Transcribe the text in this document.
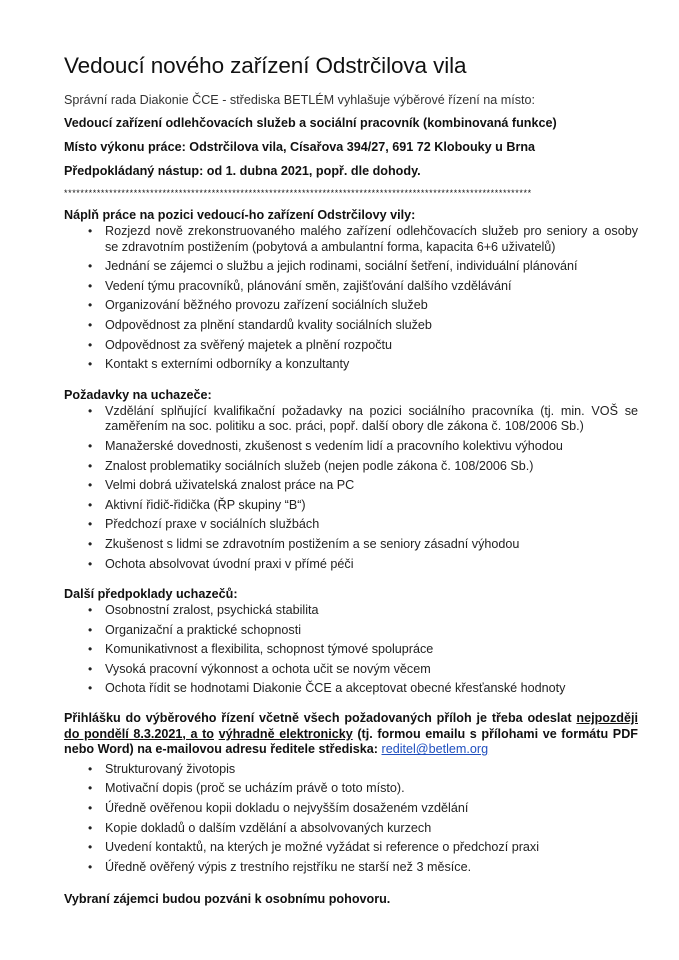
Vedoucí nového zařízení Odstrčilova vila

Správní rada Diakonie ČCE - střediska BETLÉM vyhlašuje výběrové řízení na místo:

Vedoucí zařízení odlehčovacích služeb a sociální pracovník (kombinovaná funkce)

Místo výkonu práce: Odstrčilova vila, Císařova 394/27, 691 72 Klobouky u Brna

Předpokládaný nástup: od 1. dubna 2021, popř. dle dohody.

******************************************************************************************************************
Náplň práce na pozici vedoucí-ho zařízení Odstrčilovy vily:
• Rozjezd nově zrekonstruovaného malého zařízení odlehčovacích služeb pro seniory a osoby se zdravotním postižením (pobytová a ambulantní forma, kapacita 6+6 uživatelů)
• Jednání se zájemci o službu a jejich rodinami, sociální šetření, individuální plánování
• Vedení týmu pracovníků, plánování směn, zajišťování dalšího vzdělávání
• Organizování běžného provozu zařízení sociálních služeb
• Odpovědnost za plnění standardů kvality sociálních služeb
• Odpovědnost za svěřený majetek a plnění rozpočtu
• Kontakt s externími odborníky a konzultanty
Požadavky na uchazeče:
• Vzdělání splňující kvalifikační požadavky na pozici sociálního pracovníka (tj. min. VOŠ se zaměřením na soc. politiku a soc. práci, popř. další obory dle zákona č. 108/2006 Sb.)
• Manažerské dovednosti, zkušenost s vedením lidí a pracovního kolektivu výhodou
• Znalost problematiky sociálních služeb (nejen podle zákona č. 108/2006 Sb.)
• Velmi dobrá uživatelská znalost práce na PC
• Aktivní řidič-řidička (ŘP skupiny “B“)
• Předchozí praxe v sociálních službách
• Zkušenost s lidmi se zdravotním postižením a se seniory zásadní výhodou
• Ochota absolvovat úvodní praxi v přímé péči
Další předpoklady uchazečů:
• Osobnostní zralost, psychická stabilita
• Organizační a praktické schopnosti
• Komunikativnost a flexibilita, schopnost týmové spolupráce
• Vysoká pracovní výkonnost a ochota učit se novým věcem
• Ochota řídit se hodnotami Diakonie ČCE a akceptovat obecné křesťanské hodnoty

Přihlášku do výběrového řízení včetně všech požadovaných příloh je třeba odeslat nejpozději do pondělí 8.3.2021, a to výhradně elektronicky (tj. formou emailu s přílohami ve formátu PDF nebo Word) na e-mailovou adresu ředitele střediska: reditel@betlem.org

• Strukturovaný životopis
• Motivační dopis (proč se ucházím právě o toto místo).
• Úředně ověřenou kopii dokladu o nejvyšším dosaženém vzdělání
• Kopie dokladů o dalším vzdělání a absolvovaných kurzech
• Uvedení kontaktů, na kterých je možné vyžádat si reference o předchozí praxi
• Úředně ověřený výpis z trestního rejstříku ne starší než 3 měsíce.

Vybraní zájemci budou pozváni k osobnímu pohovoru.
